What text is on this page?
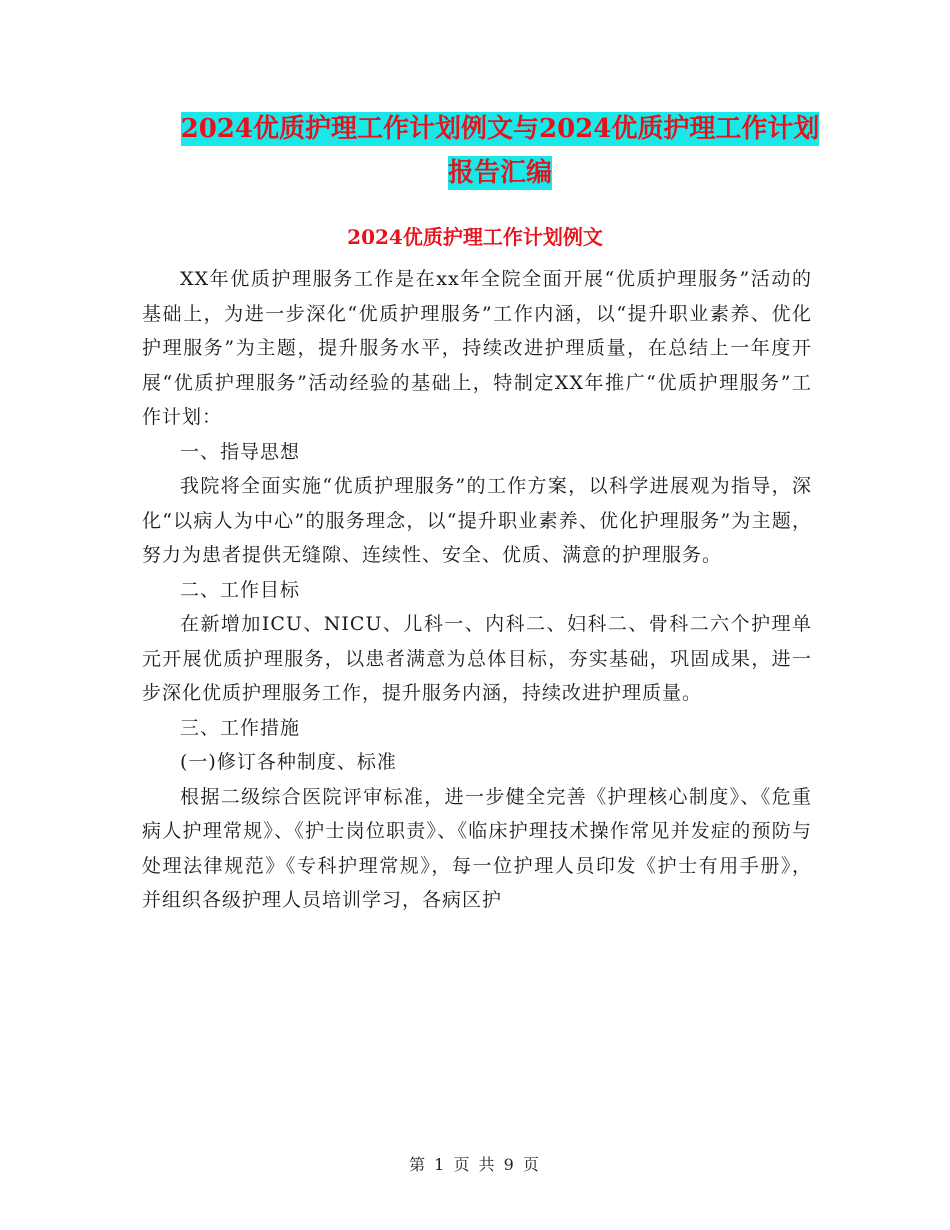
2024优质护理工作计划例文与2024优质护理工作计划
报告汇编
2024优质护理工作计划例文

XX年优质护理服务工作是在xx年全院全面开展“优质护理服务”活动的基础上，为进一步深化“优质护理服务”工作内涵，以“提升职业素养、优化护理服务”为主题，提升服务水平，持续改进护理质量，在总结上一年度开展“优质护理服务”活动经验的基础上，特制定XX年推广“优质护理服务”工作计划：

一、指导思想

我院将全面实施“优质护理服务”的工作方案，以科学进展观为指导，深化“以病人为中心”的服务理念，以“提升职业素养、优化护理服务”为主题，努力为患者提供无缝隙、连续性、安全、优质、满意的护理服务。

二、工作目标

在新增加ICU、NICU、儿科一、内科二、妇科二、骨科二六个护理单元开展优质护理服务，以患者满意为总体目标，夯实基础，巩固成果，进一步深化优质护理服务工作，提升服务内涵，持续改进护理质量。

三、工作措施

(一)修订各种制度、标准

根据二级综合医院评审标准，进一步健全完善《护理核心制度》、《危重病人护理常规》、《护士岗位职责》、《临床护理技术操作常见并发症的预防与处理法律规范》《专科护理常规》，每一位护理人员印发《护士有用手册》，并组织各级护理人员培训学习，各病区护

第 1 页 共 9 页
